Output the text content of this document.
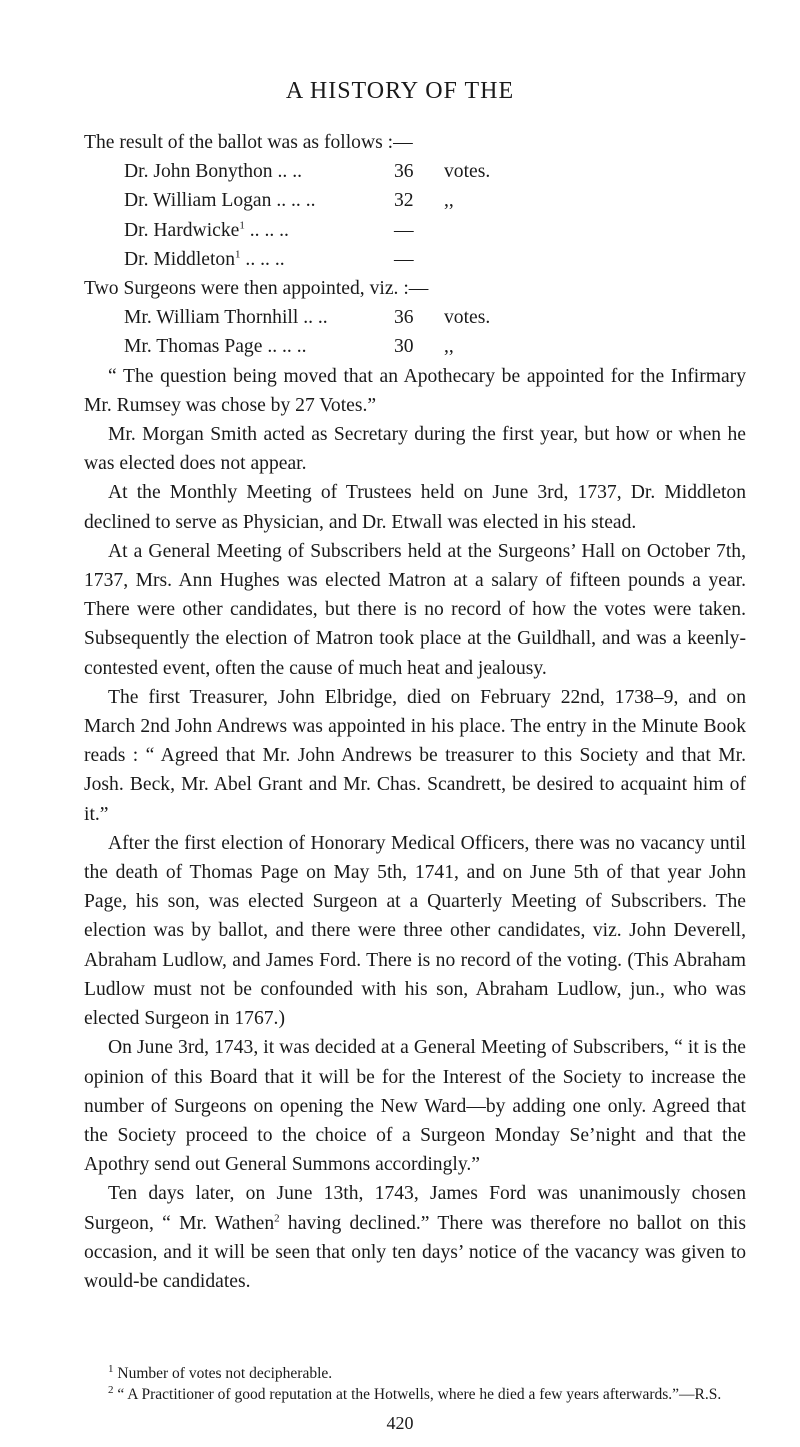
A HISTORY OF THE

The result of the ballot was as follows :—

Dr. John Bonython .. ..	36	votes.
Dr. William Logan .. .. ..	32	,,
Dr. Hardwicke$^1$ .. .. ..	—
Dr. Middleton$^1$ .. .. ..	—

Two Surgeons were then appointed, viz. :—

Mr. William Thornhill .. ..	36	votes.
Mr. Thomas Page .. .. ..	30	,,

“ The question being moved that an Apothecary be appointed for the Infirmary Mr. Rumsey was chose by 27 Votes.”

Mr. Morgan Smith acted as Secretary during the first year, but how or when he was elected does not appear.

At the Monthly Meeting of Trustees held on June 3rd, 1737, Dr. Middleton declined to serve as Physician, and Dr. Etwall was elected in his stead.

At a General Meeting of Subscribers held at the Surgeons’ Hall on October 7th, 1737, Mrs. Ann Hughes was elected Matron at a salary of fifteen pounds a year. There were other candidates, but there is no record of how the votes were taken. Subsequently the election of Matron took place at the Guildhall, and was a keenly-contested event, often the cause of much heat and jealousy.

The first Treasurer, John Elbridge, died on February 22nd, 1738–9, and on March 2nd John Andrews was appointed in his place. The entry in the Minute Book reads : “ Agreed that Mr. John Andrews be treasurer to this Society and that Mr. Josh. Beck, Mr. Abel Grant and Mr. Chas. Scandrett, be desired to acquaint him of it.”

After the first election of Honorary Medical Officers, there was no vacancy until the death of Thomas Page on May 5th, 1741, and on June 5th of that year John Page, his son, was elected Surgeon at a Quarterly Meeting of Subscribers. The election was by ballot, and there were three other candidates, viz. John Deverell, Abraham Ludlow, and James Ford. There is no record of the voting. (This Abraham Ludlow must not be confounded with his son, Abraham Ludlow, jun., who was elected Surgeon in 1767.)

On June 3rd, 1743, it was decided at a General Meeting of Subscribers, “ it is the opinion of this Board that it will be for the Interest of the Society to increase the number of Surgeons on opening the New Ward—by adding one only. Agreed that the Society proceed to the choice of a Surgeon Monday Se’night and that the Apothry send out General Summons accordingly.”

Ten days later, on June 13th, 1743, James Ford was unanimously chosen Surgeon, “ Mr. Wathen$^2$ having declined.” There was therefore no ballot on this occasion, and it will be seen that only ten days’ notice of the vacancy was given to would-be candidates.

$^1$ Number of votes not decipherable.

$^2$ “ A Practitioner of good reputation at the Hotwells, where he died a few years afterwards.”—R.S.

420
